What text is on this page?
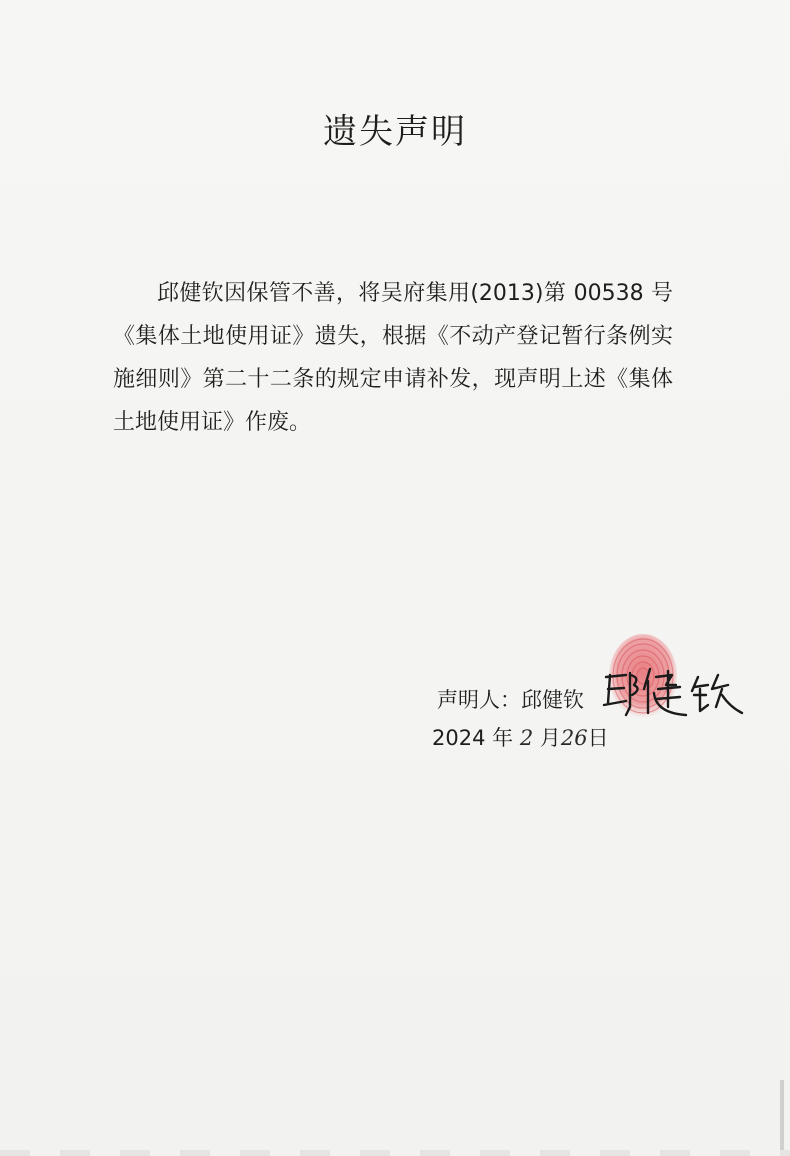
遗失声明

邱健钦因保管不善，将吴府集用(2013)第 00538 号《集体土地使用证》遗失，根据《不动产登记暂行条例实施细则》第二十二条的规定申请补发，现声明上述《集体土地使用证》作废。

声明人：邱健钦
2024 年 2 月26日
